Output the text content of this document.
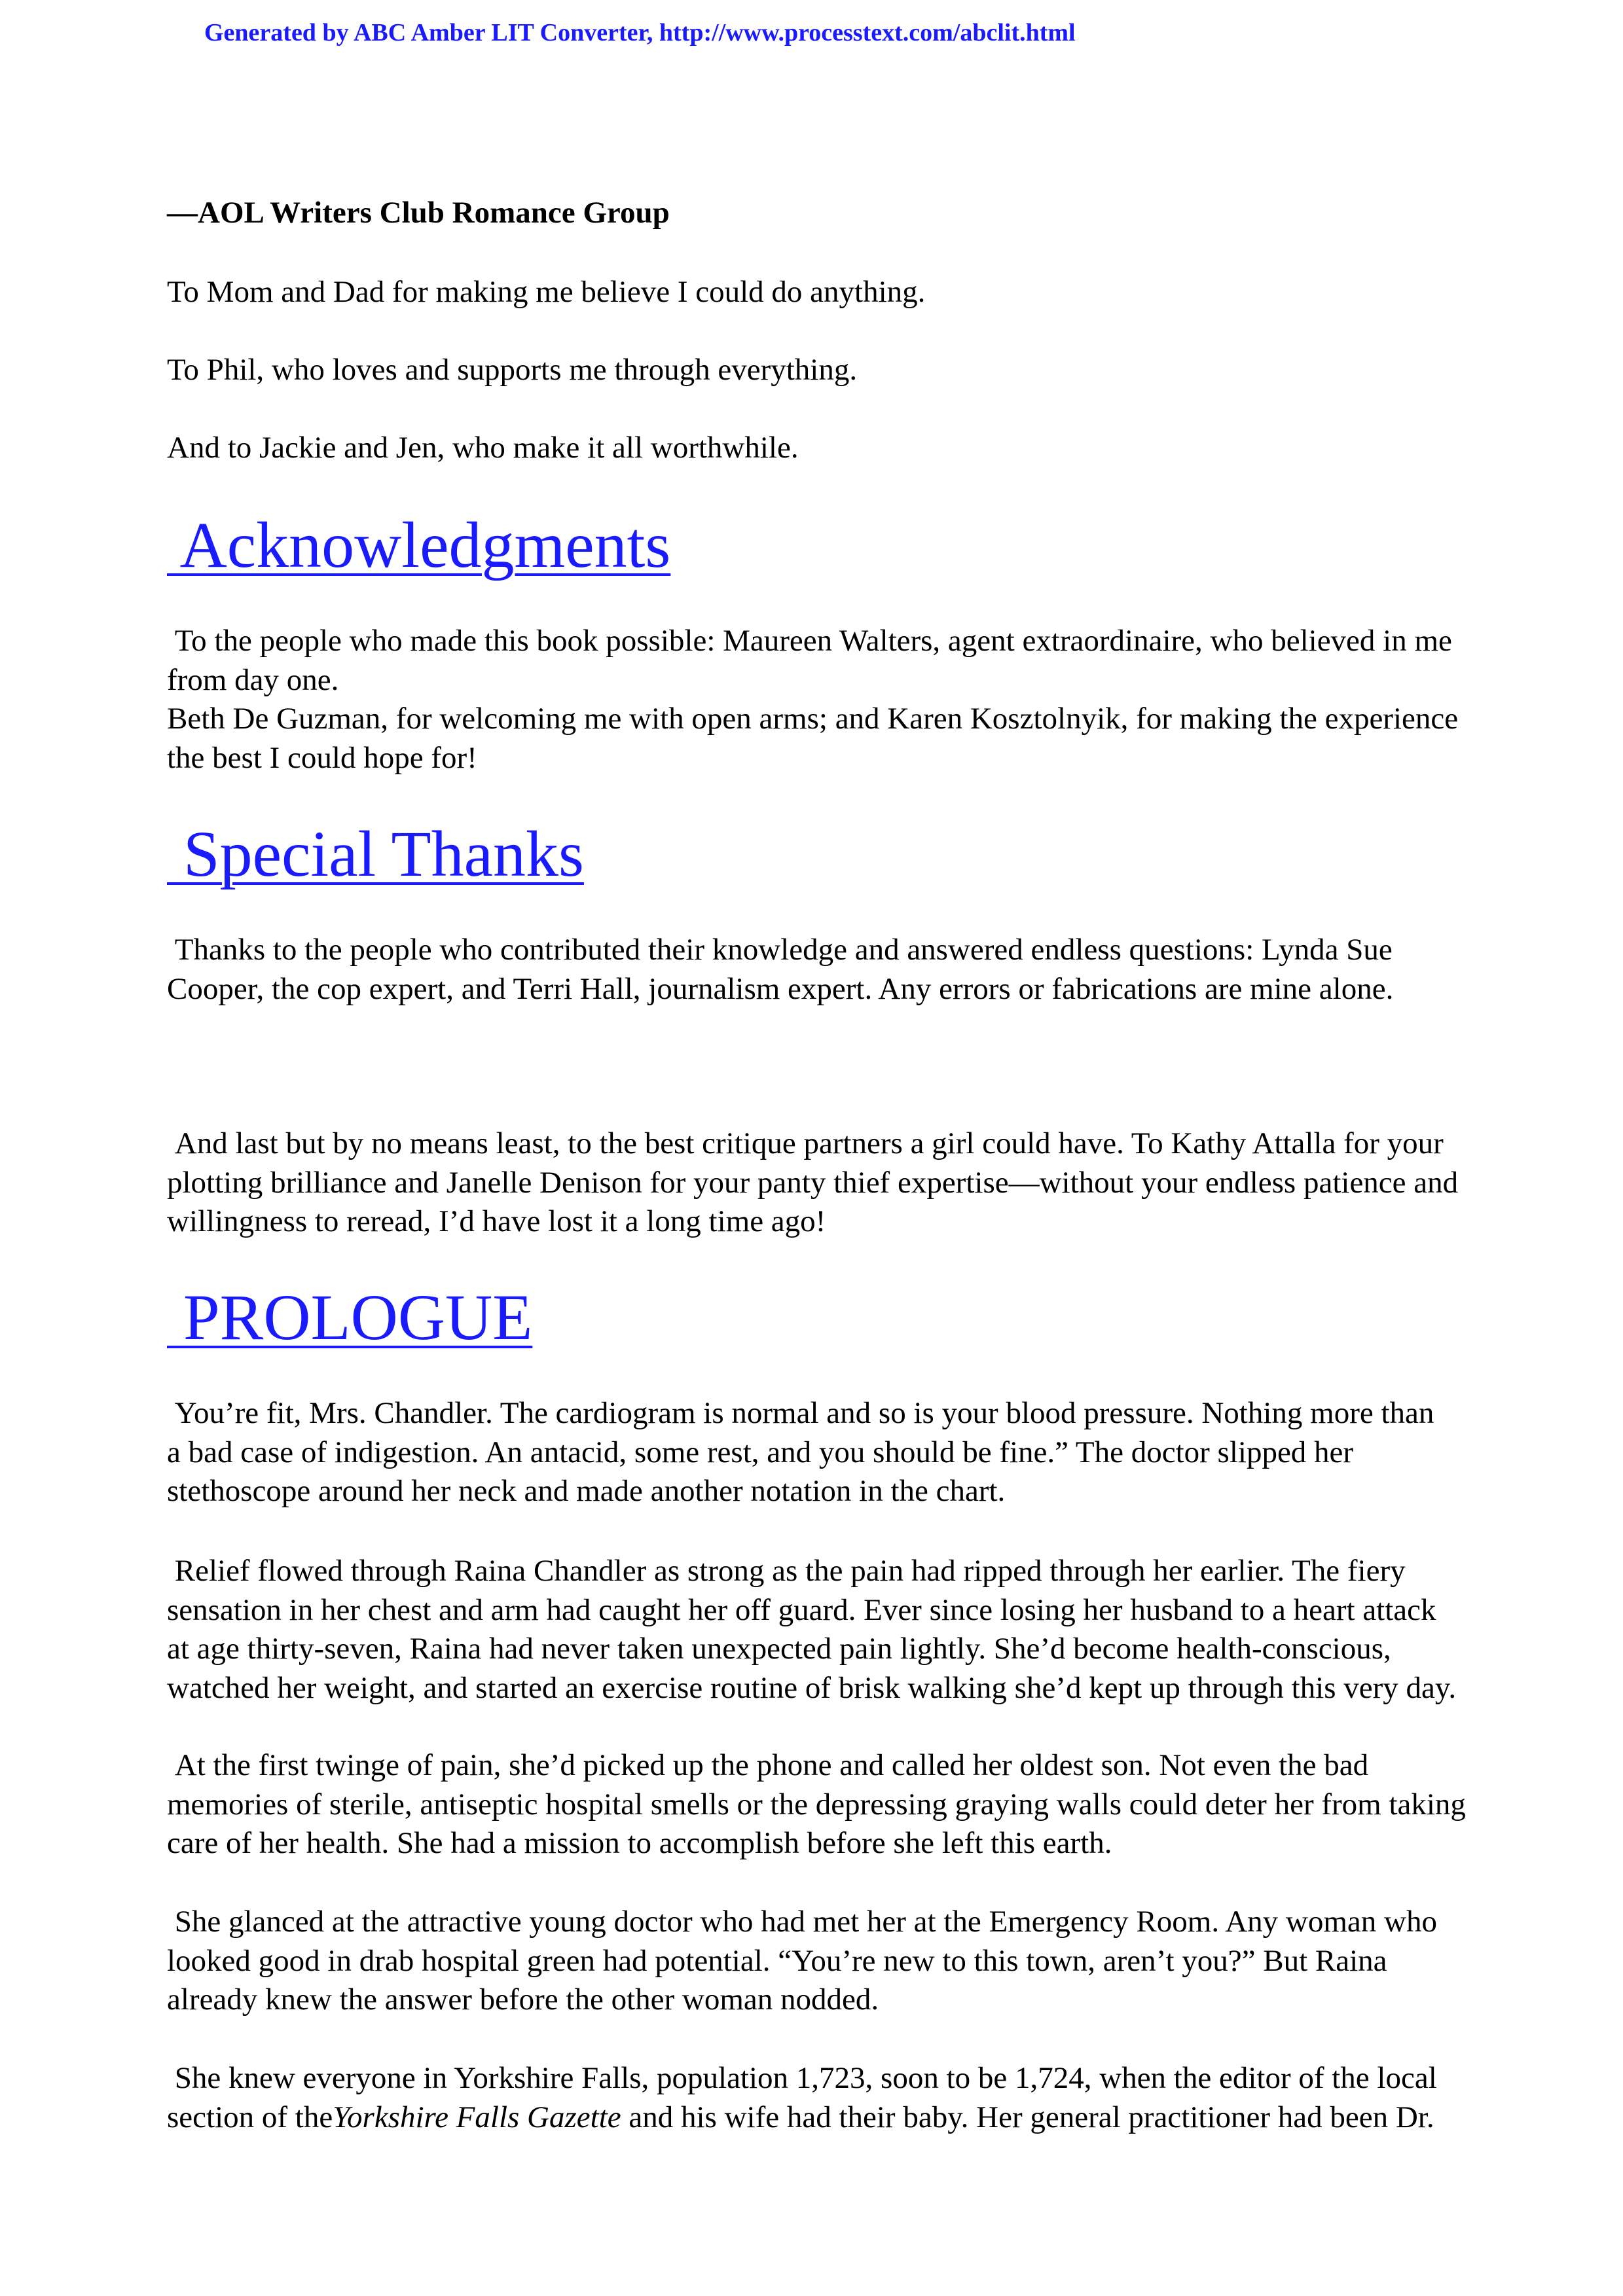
Generated by ABC Amber LIT Converter, http://www.processtext.com/abclit.html

—AOL Writers Club Romance Group

To Mom and Dad for making me believe I could do anything.

To Phil, who loves and supports me through everything.

And to Jackie and Jen, who make it all worthwhile.

Acknowledgments

To the people who made this book possible: Maureen Walters, agent extraordinaire, who believed in me

from day one.

Beth De Guzman, for welcoming me with open arms; and Karen Kosztolnyik, for making the experience

the best I could hope for!

Special Thanks

Thanks to the people who contributed their knowledge and answered endless questions: Lynda Sue

Cooper, the cop expert, and Terri Hall, journalism expert. Any errors or fabrications are mine alone.

And last but by no means least, to the best critique partners a girl could have. To Kathy Attalla for your

plotting brilliance and Janelle Denison for your panty thief expertise—without your endless patience and

willingness to reread, I’d have lost it a long time ago!

PROLOGUE

You’re fit, Mrs. Chandler. The cardiogram is normal and so is your blood pressure. Nothing more than

a bad case of indigestion. An antacid, some rest, and you should be fine.” The doctor slipped her

stethoscope around her neck and made another notation in the chart.

Relief flowed through Raina Chandler as strong as the pain had ripped through her earlier. The fiery

sensation in her chest and arm had caught her off guard. Ever since losing her husband to a heart attack

at age thirty-seven, Raina had never taken unexpected pain lightly. She’d become health-conscious,

watched her weight, and started an exercise routine of brisk walking she’d kept up through this very day.

At the first twinge of pain, she’d picked up the phone and called her oldest son. Not even the bad

memories of sterile, antiseptic hospital smells or the depressing graying walls could deter her from taking

care of her health. She had a mission to accomplish before she left this earth.

She glanced at the attractive young doctor who had met her at the Emergency Room. Any woman who

looked good in drab hospital green had potential. “You’re new to this town, aren’t you?” But Raina

already knew the answer before the other woman nodded.

She knew everyone in Yorkshire Falls, population 1,723, soon to be 1,724, when the editor of the local

section of theYorkshire Falls Gazette and his wife had their baby. Her general practitioner had been Dr.
